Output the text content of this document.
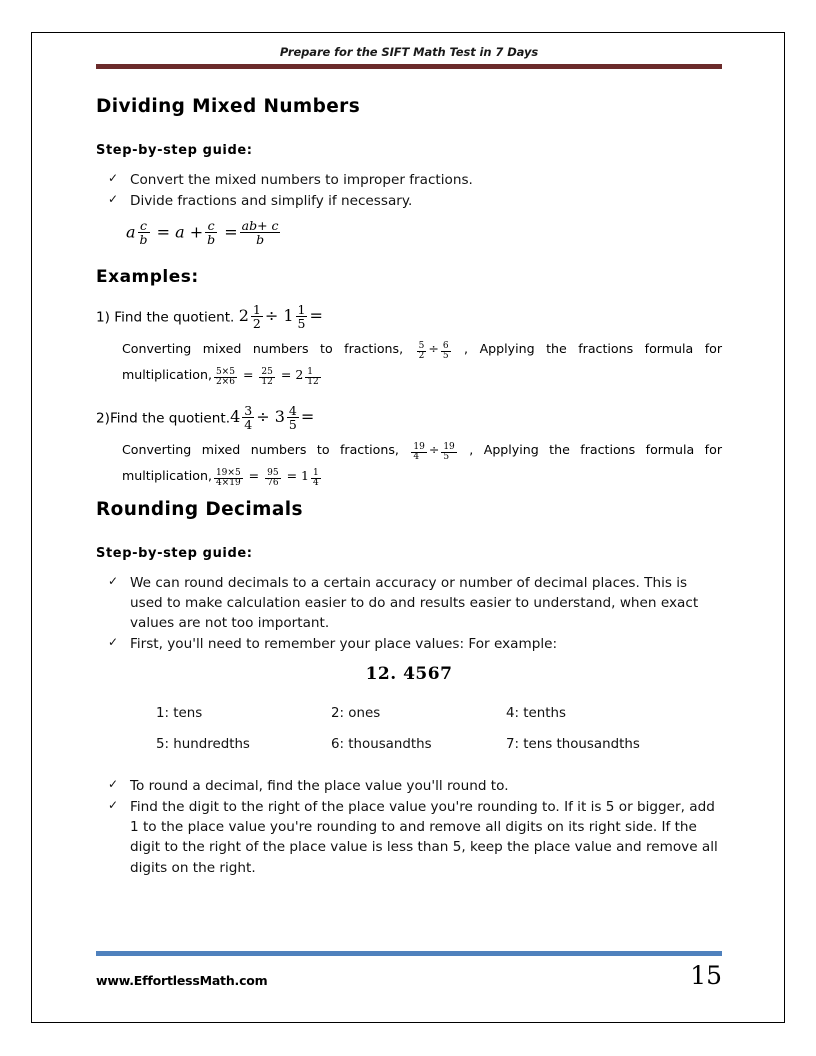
Prepare for the SIFT Math Test in 7 Days
Dividing Mixed Numbers
Step-by-step guide:
✓ Convert the mixed numbers to improper fractions.
✓ Divide fractions and simplify if necessary.
a $\frac{c}{b} = a + \frac{c}{b} = \frac{ab+ c}{b}$
Examples:
1) Find the quotient. $2 \frac{1}{2} \div 1 \frac{1}{5}$ =
Converting mixed numbers to fractions, $\frac{5}{2} \div \frac{6}{5}$ , Applying the fractions formula for
multiplication, $\frac{5\times 5}{2\times 6} = \frac{25}{12} = 2 \frac{1}{12}$
2)Find the quotient.4 $\frac{3}{4} \div 3 \frac{4}{5}$ =
Converting mixed numbers to fractions, $\frac{19}{4} \div \frac{19}{5}$ , Applying the fractions formula for
multiplication, $\frac{19\times 5}{4\times 19} = \frac{95}{76} = 1 \frac{1}{4}$
Rounding Decimals
Step-by-step guide:
✓ We can round decimals to a certain accuracy or number of decimal places. This is used to make calculation easier to do and results easier to understand, when exact values are not too important.
✓ First, you'll need to remember your place values: For example:
12. 4567
1: tens	2: ones	4: tenths
5: hundredths	6: thousandths	7: tens thousandths
✓ To round a decimal, find the place value you'll round to.
✓ Find the digit to the right of the place value you're rounding to. If it is 5 or bigger, add 1 to the place value you're rounding to and remove all digits on its right side. If the digit to the right of the place value is less than 5, keep the place value and remove all digits on the right.
www.EffortlessMath.com	15
